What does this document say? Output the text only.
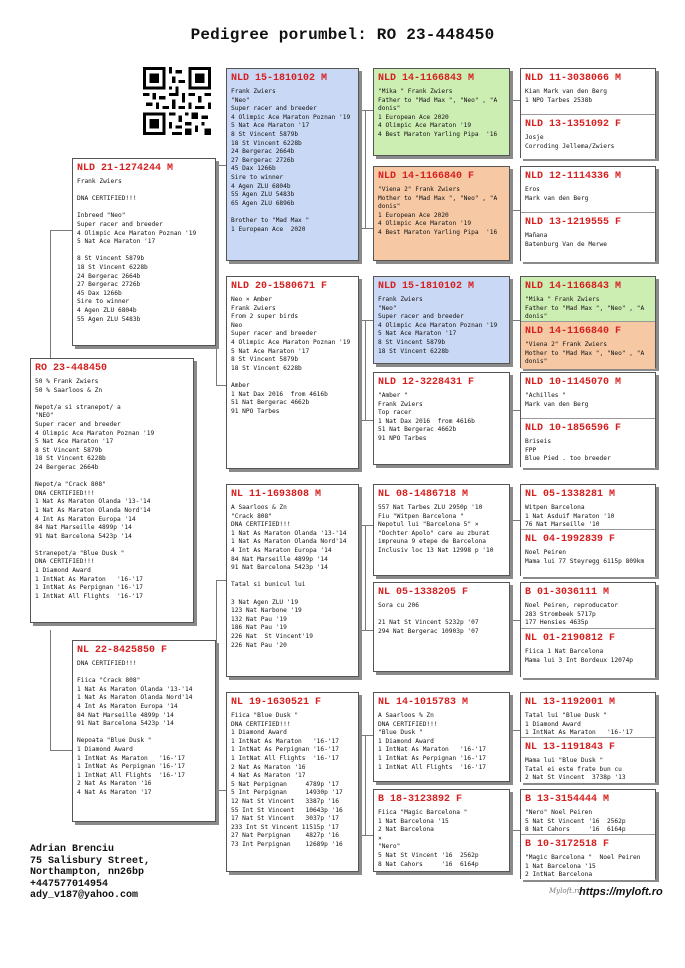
Pedigree porumbel: RO 23-448450
NLD 21-1274244 M
Frank Zwiers

DNA CERTIFIED!!!

Inbreed "Neo"
Super racer and breeder
4 Olimpic Ace Maraton Poznan '19
5 Nat Ace Maraton '17

8 St Vincent 5879b
18 St Vincent 6228b
24 Bergerac 2664b
27 Bergerac 2726b
45 Dax 1266b
Sire to winner
4 Agen ZLU 6804b
55 Agen ZLU 5483b
RO 23-448450
50 % Frank Zwiers
50 % Saarloos & Zn

Nepot/a si stranepot/ a
"NEO"
Super racer and breeder
4 Olimpic Ace Maraton Poznan '19
5 Nat Ace Maraton '17
8 St Vincent 5879b
18 St Vincent 6228b
24 Bergerac 2664b

Nepot/a "Crack 808"
DNA CERTIFIED!!!
1 Nat As Maraton Olanda '13-'14
1 Nat As Maraton Olanda Nord'14
4 Int As Maraton Europa '14
84 Nat Marseille 4899p '14
91 Nat Barcelona 5423p '14

Stranepot/a "Blue Dusk "
DNA CERTIFIED!!!
1 Diamond Award
1 IntNat As Maraton   '16-'17
1 IntNat As Perpignan '16-'17
1 IntNat All Flights  '16-'17
NL 22-8425850 F
DNA CERTIFIED!!!

Fiica "Crack 808"
1 Nat As Maraton Olanda '13-'14
1 Nat As Maraton Olanda Nord'14
4 Int As Maraton Europa '14
84 Nat Marseille 4899p '14
91 Nat Barcelona 5423p '14

Nepoata "Blue Dusk "
1 Diamond Award
1 IntNat As Maraton   '16-'17
1 IntNat As Perpignan '16-'17
1 IntNat All Flights  '16-'17
2 Nat As Maraton '16
4 Nat As Maraton '17
NLD 15-1810102 M
Frank Zwiers
"Neo"
Super racer and breeder
4 Olimpic Ace Maraton Poznan '19
5 Nat Ace Maraton '17
8 St Vincent 5879b
18 St Vincent 6228b
24 Bergerac 2664b
27 Bergerac 2726b
45 Dax 1266b
Sire to winner
4 Agen ZLU 6804b
55 Agen ZLU 5483b
65 Agen ZLU 6896b

Brother to "Mad Max "
1 European Ace  2020
NLD 20-1580671 F
Neo × Amber
Frank Zwiers
From 2 super birds
Neo
Super racer and breeder
4 Olimpic Ace Maraton Poznan '19
5 Nat Ace Maraton '17
8 St Vincent 5879b
18 St Vincent 6228b

Amber
1 Nat Dax 2016  from 4616b
51 Nat Bergerac 4662b
91 NPO Tarbes
NL 11-1693808 M
A Saarloos & Zn
"Crack 808"
DNA CERTIFIED!!!
1 Nat As Maraton Olanda '13-'14
1 Nat As Maraton Olanda Nord'14
4 Int As Maraton Europa '14
84 Nat Marseille 4899p '14
91 Nat Barcelona 5423p '14

Tatal si bunicul lui

3 Nat Agen ZLU '19
123 Nat Narbone '19
132 Nat Pau '19
186 Nat Pau '19
226 Nat  St Vincent'19
226 Nat Pau '20
NL 19-1630521 F
Fiica "Blue Dusk "
DNA CERTIFIED!!!
1 Diamond Award
1 IntNat As Maraton   '16-'17
1 IntNat As Perpignan '16-'17
1 IntNat All Flights  '16-'17
2 Nat As Maraton '16
4 Nat As Maraton '17
5 Nat Perpignan     4789p '17
5 Int Perpignan     14930p '17
12 Nat St Vincent   3387p '16
55 Int St Vincent   10643p '16
17 Nat St Vincent   3037p '17
233 Int St Vincent 11515p '17
27 Nat Perpignan    4827p '16
73 Int Perpignan    12689p '16
NLD 14-1166843 M
"Mika " Frank Zwiers
Father to "Mad Max ", "Neo" , "A
donis"
1 European Ace 2020
4 Olimpic Ace Maraton '19
4 Best Maraton Yarling Pipa  '16
NLD 14-1166840 F
"Viena 2" Frank Zwiers
Mother to "Mad Max ", "Neo" , "A
donis"
1 European Ace 2020
4 Olimpic Ace Maraton '19
4 Best Maraton Yarling Pipa  '16
NLD 15-1810102 M
Frank Zwiers
"Neo"
Super racer and breeder
4 Olimpic Ace Maraton Poznan '19
5 Nat Ace Maraton '17
8 St Vincent 5879b
18 St Vincent 6228b
NLD 12-3228431 F
"Amber "
Frank Zwiers
Top racer
1 Nat Dax 2016  from 4616b
51 Nat Bergerac 4662b
91 NPO Tarbes
NL 08-1486718 M
557 Nat Tarbes ZLU 2950p '10
Fiu "Witpen Barcelona "
Nepotul lui "Barcelona 5" ×
"Dochter Apolo" care au zburat
impreuna 9 etepe de Barcelona
Inclusiv loc 13 Nat 12998 p '10
NL 05-1338205 F
Sora cu 206

21 Nat St Vincent 5232p '07
294 Nat Bergerac 10903p '07
NL 14-1015783 M
A Saarloos % Zn
DNA CERTIFIED!!!
"Blue Dusk "
1 Diamond Award
1 IntNat As Maraton   '16-'17
1 IntNat As Perpignan '16-'17
1 IntNat All Flights  '16-'17
B 18-3123892 F
Fiica "Magic Barcelona "
1 Nat Barcelona '15
2 Nat Barcelona
×
"Nero"
5 Nat St Vincent '16  2562p
8 Nat Cahors     '16  6164p
NLD 11-3038066 M
Kian Mark van den Berg
1 NPO Tarbes 2538b
NLD 13-1351092 F
Josje
Corroding Jellema/Zwiers
NLD 12-1114336 M
Eros
Mark van den Berg
NLD 13-1219555 F
Mañana
Batenburg Van de Merwe
NLD 14-1166843 M
"Mika " Frank Zwiers
Father to "Mad Max ", "Neo" , "A
donis"
NLD 14-1166840 F
"Viena 2" Frank Zwiers
Mother to "Mad Max ", "Neo" , "A
donis"
NLD 10-1145070 M
"Achilles "
Mark van den Berg
NLD 10-1856596 F
Briseis
FPP
Blue Pied . too breeder
NL 05-1338281 M
Witpen Barcelona
1 Nat Asduif Maraton '10
76 Nat Marseille '10
NL 04-1992839 F
Noel Peiren
Mama lui 77 Steyregg 6115p 809km
B 01-3036111 M
Noel Peiren, reproducator
283 Strombeek 5717p
177 Hensies 4635p
NL 01-2190812 F
Fiica 1 Nat Barcelona
Mama lui 3 Int Bordeux 12074p
NL 13-1192001 M
Tatal lui "Blue Dusk "
1 Diamond Award
1 IntNat As Maraton   '16-'17
NL 13-1191843 F
Mama lui "Blue Dusk "
Tatal ei este frate bun cu
2 Nat St Vincent  3738p '13
B 13-3154444 M
"Nero" Noel Peiren
5 Nat St Vincent '16  2562p
8 Nat Cahors     '16  6164p
B 10-3172518 F
"Magic Barcelona "  Noel Peiren
1 Nat Barcelona '15
2 IntNat Barcelona
Adrian Brenciu
75 Salisbury Street,
Northampton, nn26bp
+447577014954
ady_v187@yahoo.com	Myloft.ro
https://myloft.ro
